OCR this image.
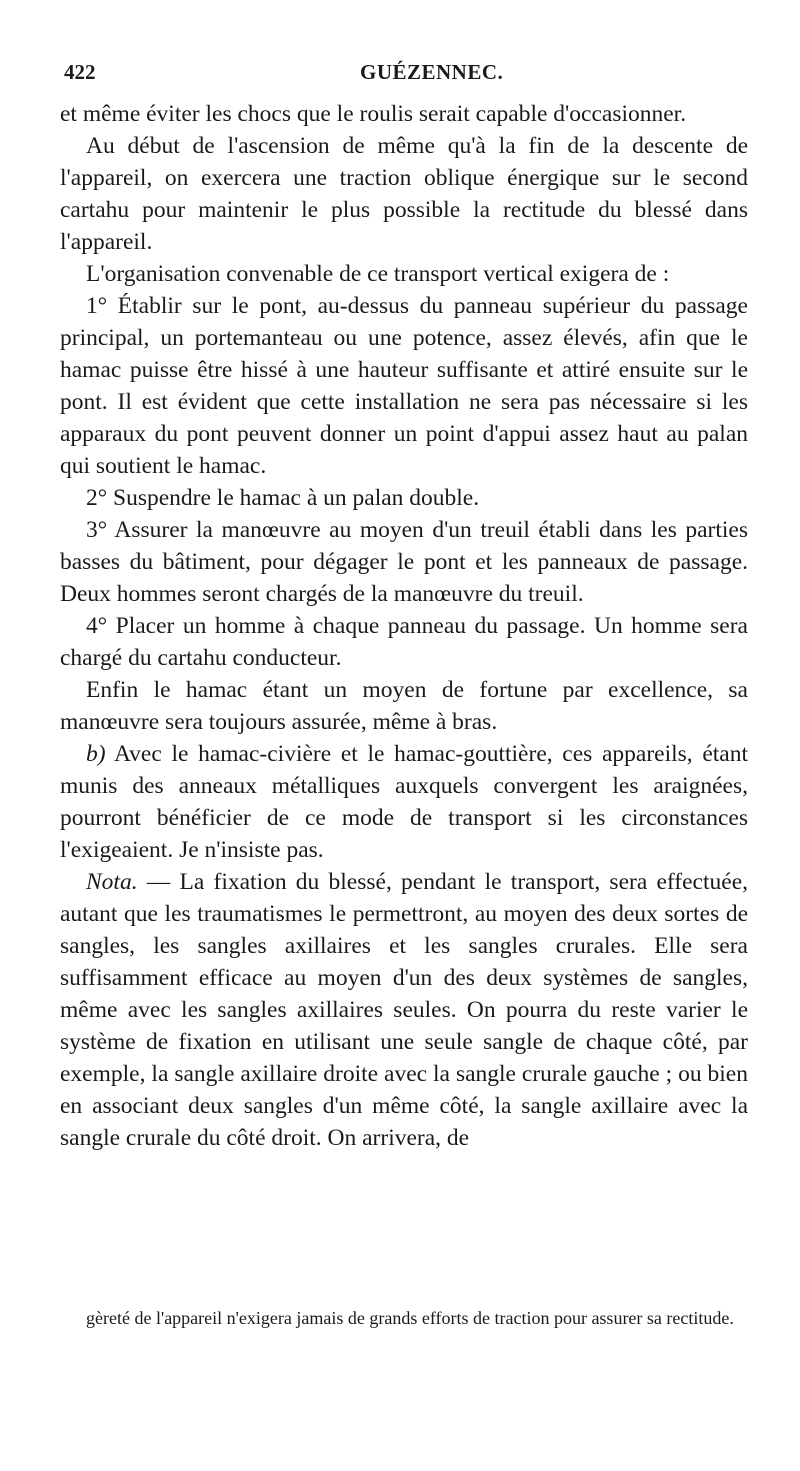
422	GUÉZENNEC.

et même éviter les chocs que le roulis serait capable d'occasionner.

Au début de l'ascension de même qu'à la fin de la descente de l'appareil, on exercera une traction oblique énergique sur le second cartahu pour maintenir le plus possible la rectitude du blessé dans l'appareil.

L'organisation convenable de ce transport vertical exigera de :

1° Établir sur le pont, au-dessus du panneau supérieur du passage principal, un portemanteau ou une potence, assez élevés, afin que le hamac puisse être hissé à une hauteur suffisante et attiré ensuite sur le pont. Il est évident que cette installation ne sera pas nécessaire si les apparaux du pont peuvent donner un point d'appui assez haut au palan qui soutient le hamac.

2° Suspendre le hamac à un palan double.

3° Assurer la manœuvre au moyen d'un treuil établi dans les parties basses du bâtiment, pour dégager le pont et les panneaux de passage. Deux hommes seront chargés de la manœuvre du treuil.

4° Placer un homme à chaque panneau du passage. Un homme sera chargé du cartahu conducteur.

Enfin le hamac étant un moyen de fortune par excellence, sa manœuvre sera toujours assurée, même à bras.

b) Avec le hamac-civière et le hamac-gouttière, ces appareils, étant munis des anneaux métalliques auxquels convergent les araignées, pourront bénéficier de ce mode de transport si les circonstances l'exigeaient. Je n'insiste pas.

Nota. — La fixation du blessé, pendant le transport, sera effectuée, autant que les traumatismes le permettront, au moyen des deux sortes de sangles, les sangles axillaires et les sangles crurales. Elle sera suffisamment efficace au moyen d'un des deux systèmes de sangles, même avec les sangles axillaires seules. On pourra du reste varier le système de fixation en utilisant une seule sangle de chaque côté, par exemple, la sangle axillaire droite avec la sangle crurale gauche ; ou bien en associant deux sangles d'un même côté, la sangle axillaire avec la sangle crurale du côté droit. On arrivera, de

gèreté de l'appareil n'exigera jamais de grands efforts de traction pour assurer sa rectitude.
